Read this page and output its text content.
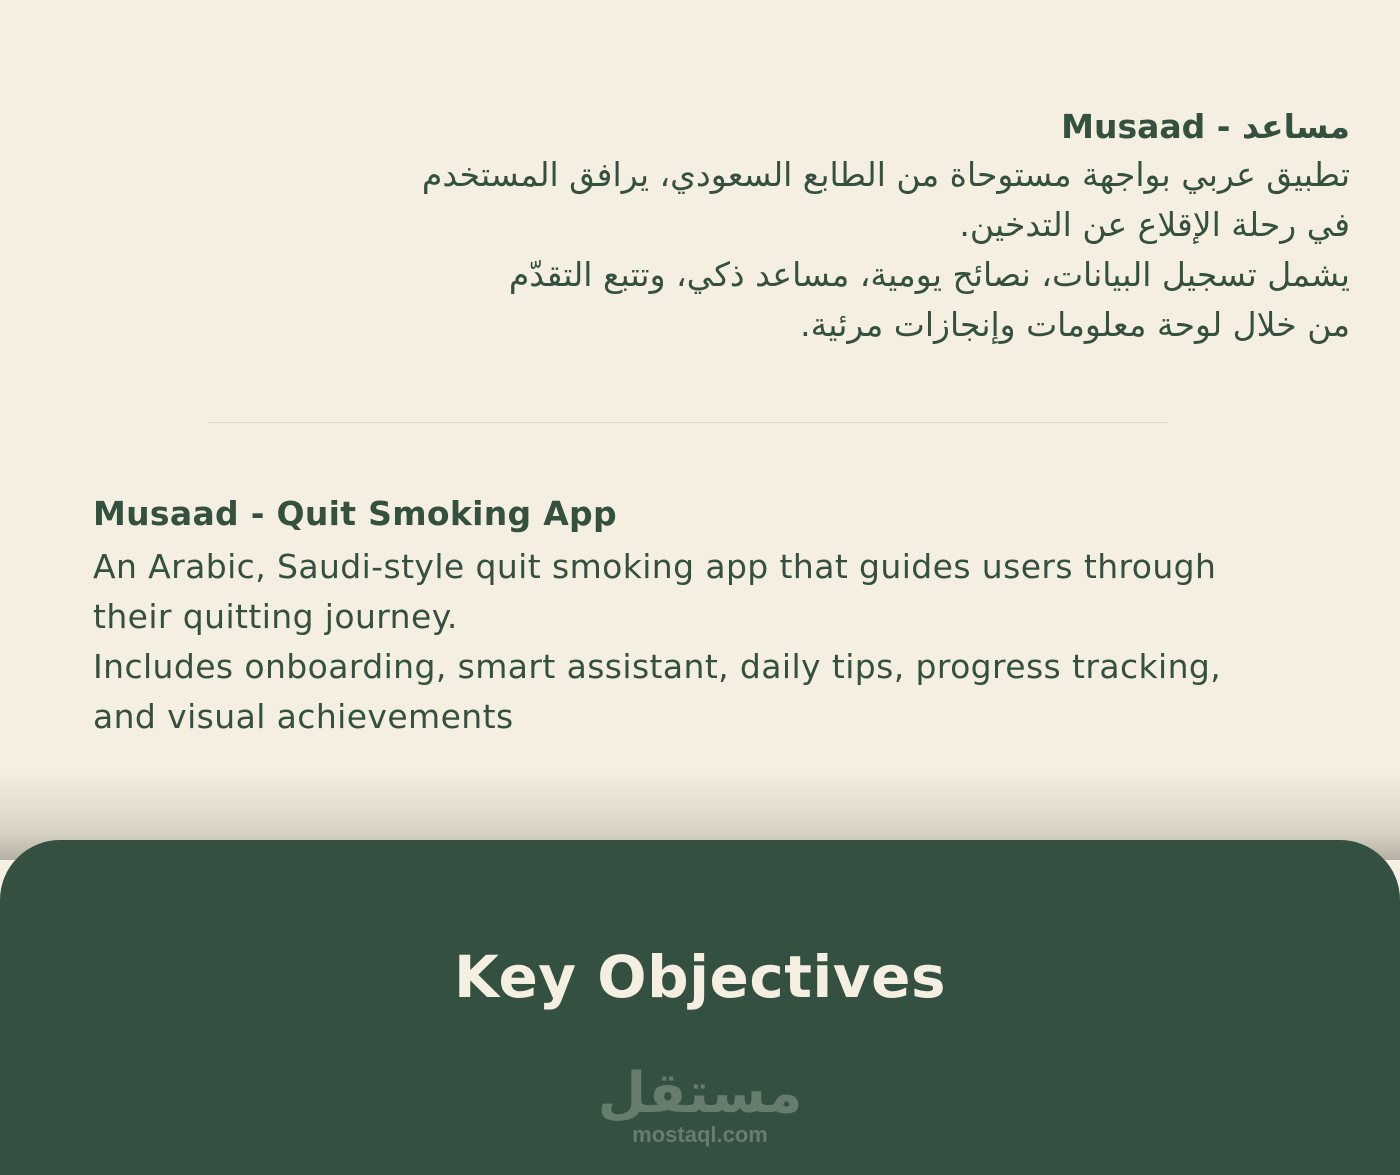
مساعد - Musaad

تطبيق عربي بواجهة مستوحاة من الطابع السعودي، يرافق المستخدم

في رحلة الإقلاع عن التدخين.

يشمل تسجيل البيانات، نصائح يومية، مساعد ذكي، وتتبع التقدّم

من خلال لوحة معلومات وإنجازات مرئية.

Musaad - Quit Smoking App

An Arabic, Saudi-style quit smoking app that guides users through

their quitting journey.

Includes onboarding, smart assistant, daily tips, progress tracking,

and visual achievements

Key Objectives
مستقل
mostaql.com
